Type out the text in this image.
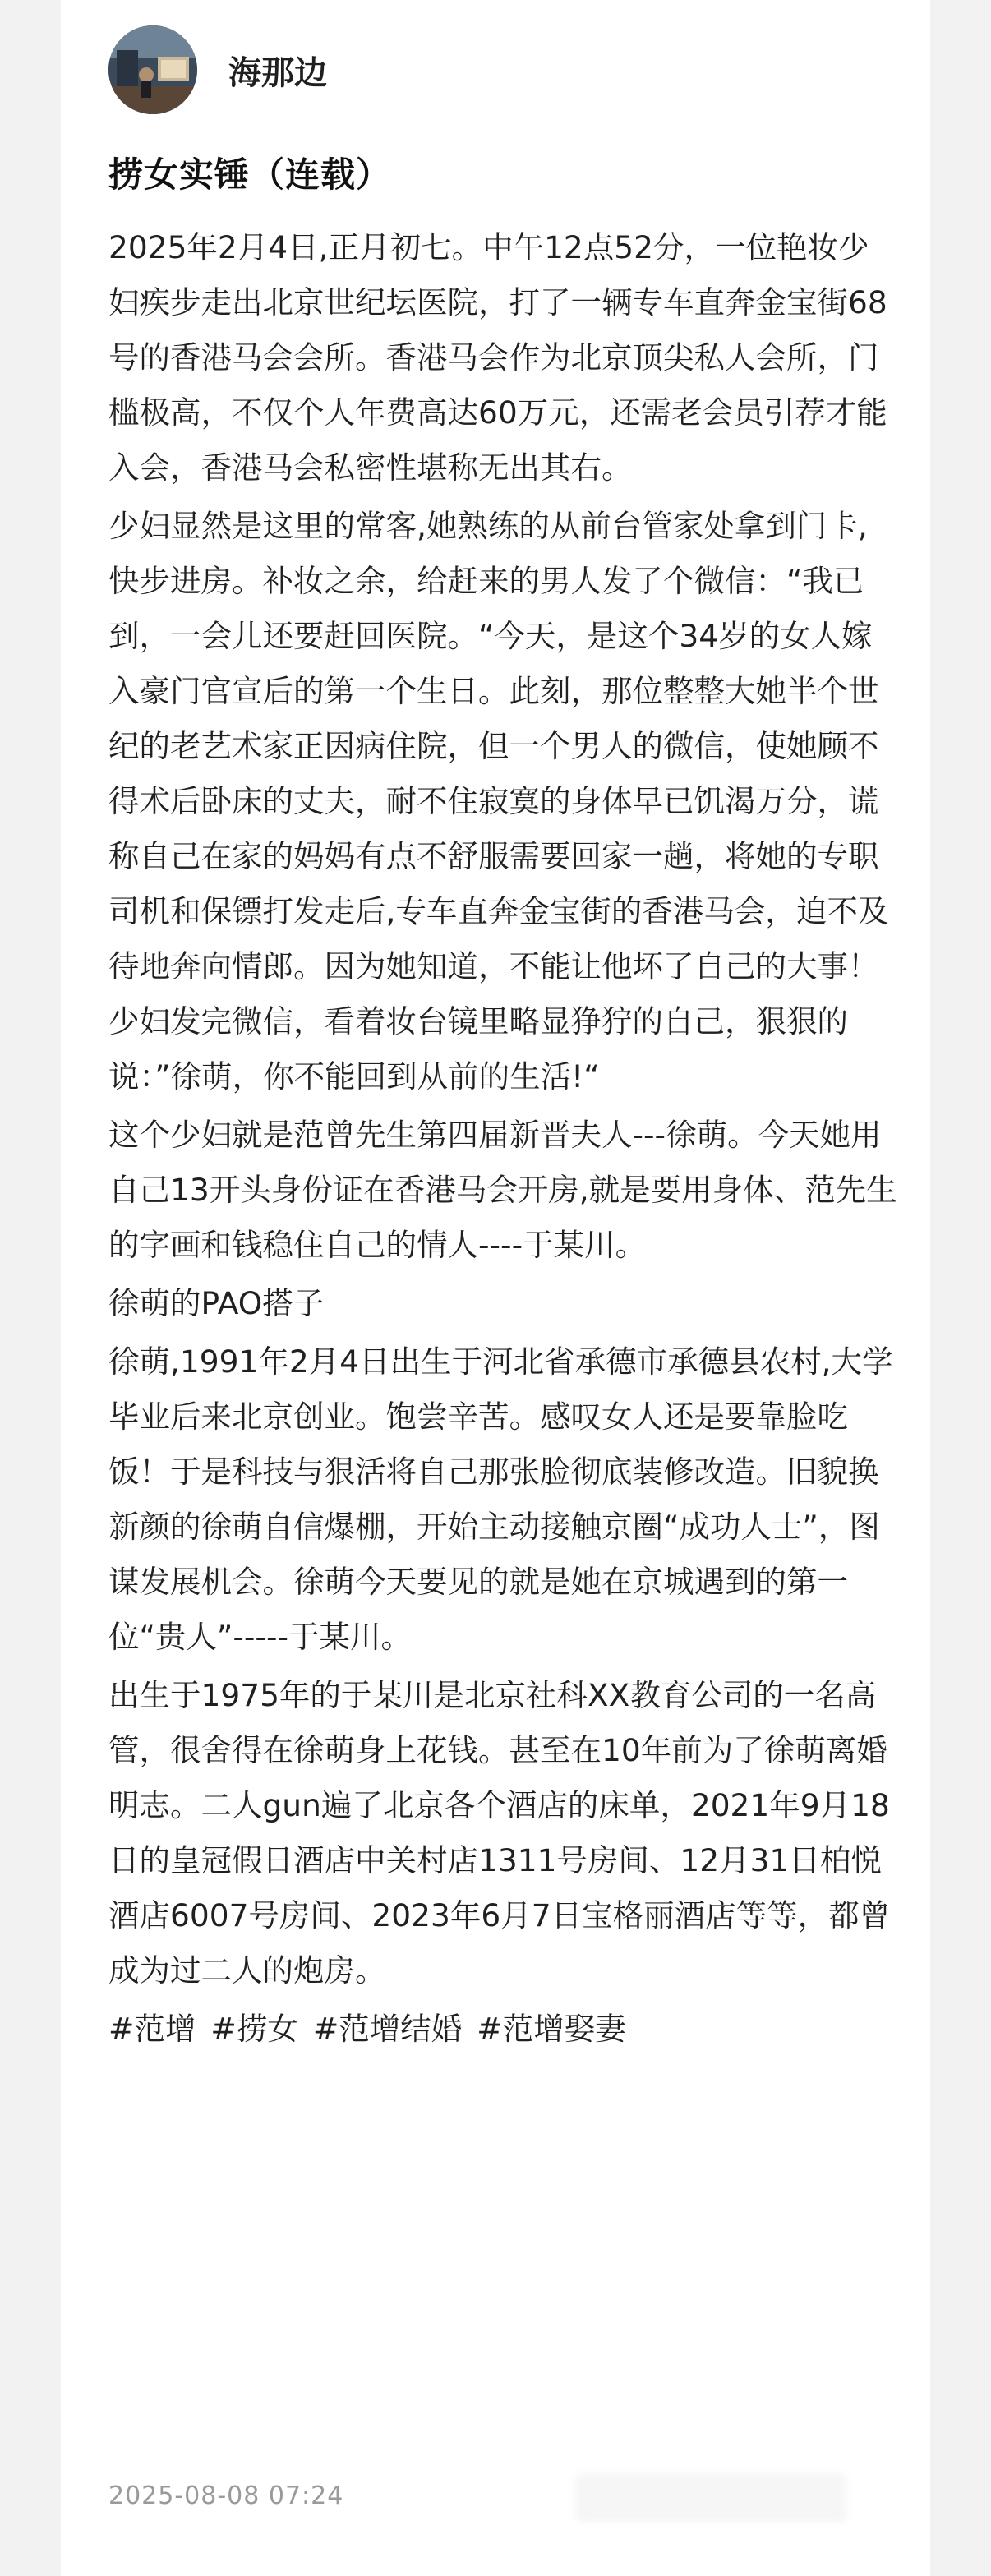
海那边
捞女实锤（连载）

2025年2月4日,正月初七。中午12点52分，一位艳妆少妇疾步走出北京世纪坛医院，打了一辆专车直奔金宝街68号的香港马会会所。香港马会作为北京顶尖私人会所，门槛极高，不仅个人年费高达60万元，还需老会员引荐才能入会，香港马会私密性堪称无出其右。

少妇显然是这里的常客,她熟练的从前台管家处拿到门卡,快步进房。补妆之余，给赶来的男人发了个微信：“我已到，一会儿还要赶回医院。“今天，是这个34岁的女人嫁入豪门官宣后的第一个生日。此刻，那位整整大她半个世纪的老艺术家正因病住院，但一个男人的微信，使她顾不得术后卧床的丈夫，耐不住寂寞的身体早已饥渴万分，谎称自己在家的妈妈有点不舒服需要回家一趟，将她的专职司机和保镖打发走后,专车直奔金宝街的香港马会，迫不及待地奔向情郎。因为她知道，不能让他坏了自己的大事！少妇发完微信，看着妆台镜里略显狰狞的自己，狠狠的说：”徐萌，你不能回到从前的生活!“

这个少妇就是范曾先生第四届新晋夫人---徐萌。今天她用自己13开头身份证在香港马会开房,就是要用身体、范先生的字画和钱稳住自己的情人----于某川。

徐萌的PAO搭子

徐萌,1991年2月4日出生于河北省承德市承德县农村,大学毕业后来北京创业。饱尝辛苦。感叹女人还是要靠脸吃饭！于是科技与狠活将自己那张脸彻底装修改造。旧貌换新颜的徐萌自信爆棚，开始主动接触京圈“成功人士”，图谋发展机会。徐萌今天要见的就是她在京城遇到的第一位“贵人”-----于某川。

出生于1975年的于某川是北京社科XX教育公司的一名高管，很舍得在徐萌身上花钱。甚至在10年前为了徐萌离婚明志。二人gun遍了北京各个酒店的床单，2021年9月18日的皇冠假日酒店中关村店1311号房间、12月31日柏悦酒店6007号房间、2023年6月7日宝格丽酒店等等，都曾成为过二人的炮房。

#范增 #捞女 #范增结婚 #范增娶妻
2025-08-08 07:24
